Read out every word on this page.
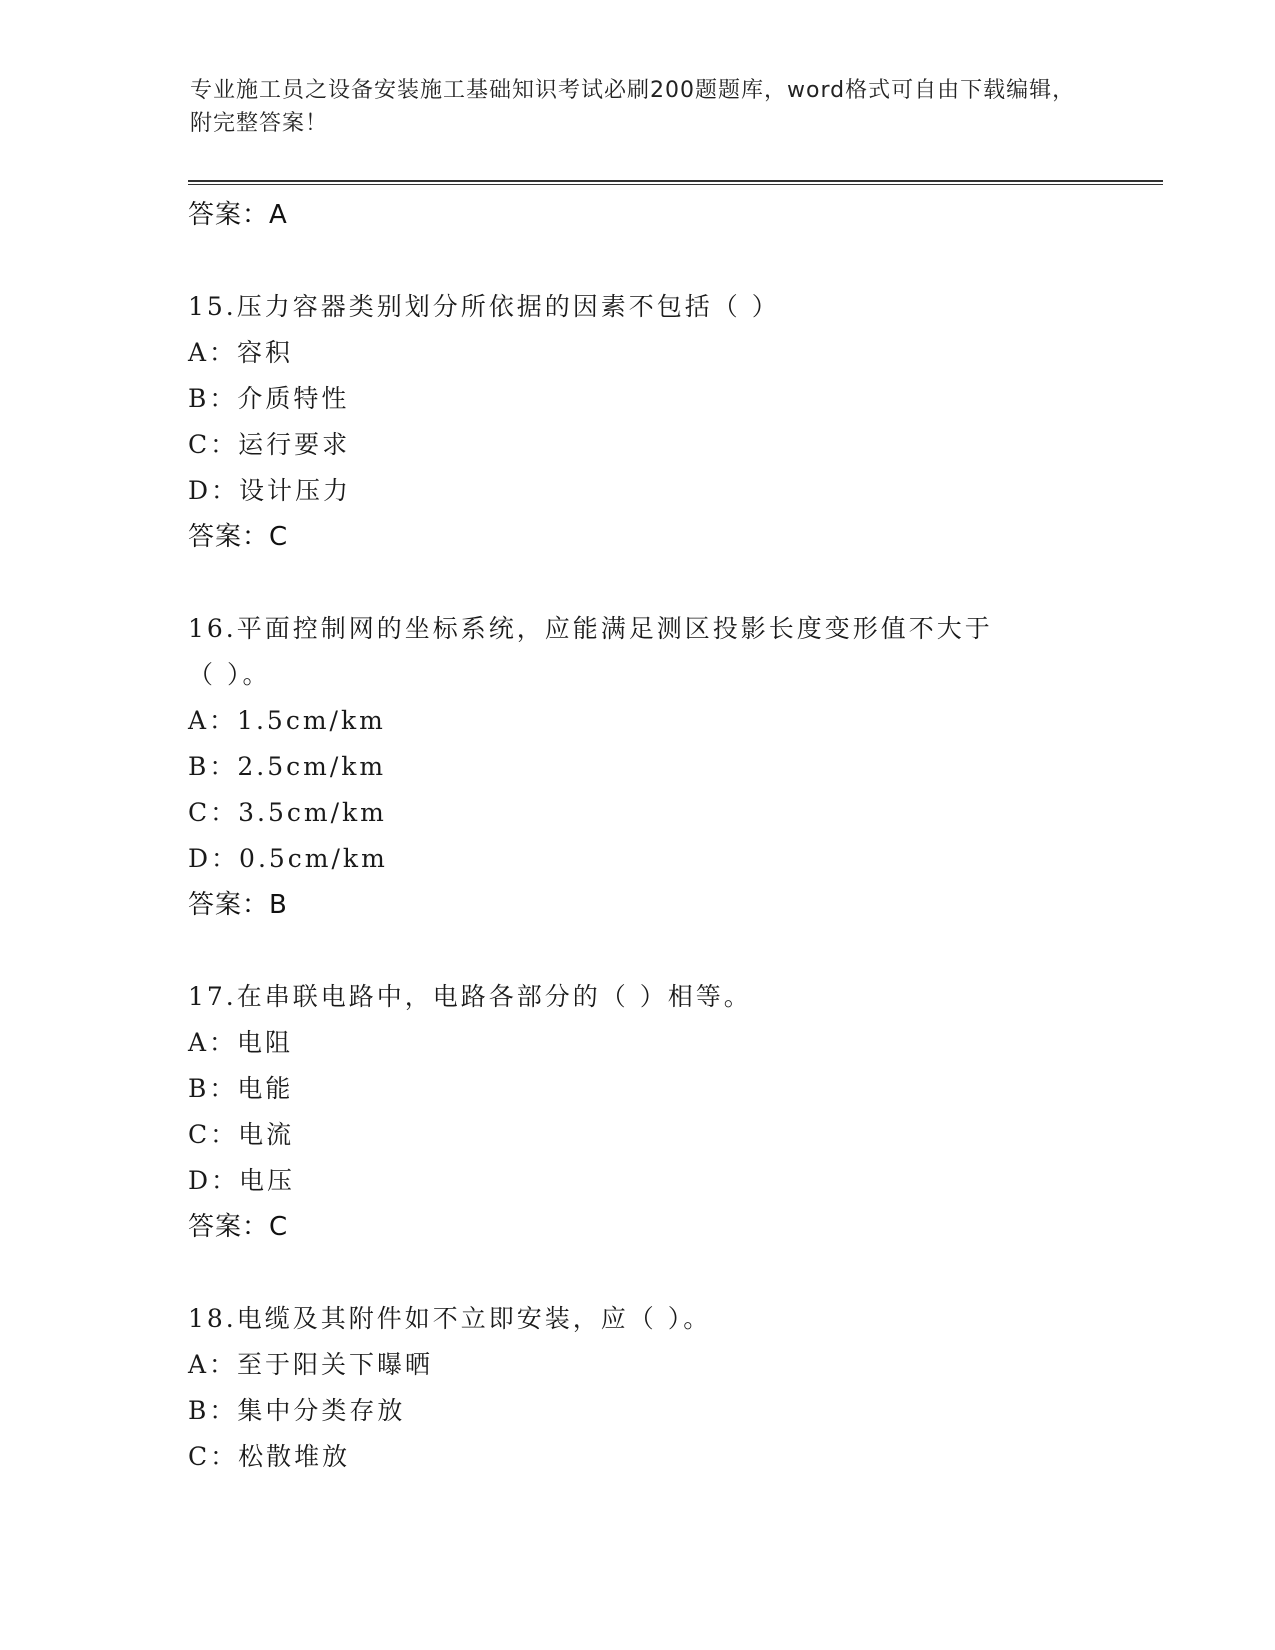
专业施工员之设备安装施工基础知识考试必刷200题题库，word格式可自由下载编辑，附完整答案！
答案：A
15.压力容器类别划分所依据的因素不包括（ ）
A：容积
B：介质特性
C：运行要求
D：设计压力
答案：C
16.平面控制网的坐标系统，应能满足测区投影长度变形值不大于（ ）。
A：1.5cm/km
B：2.5cm/km
C：3.5cm/km
D：0.5cm/km
答案：B
17.在串联电路中，电路各部分的（ ）相等。
A：电阻
B：电能
C：电流
D：电压
答案：C
18.电缆及其附件如不立即安装，应（ ）。
A：至于阳关下曝晒
B：集中分类存放
C：松散堆放
